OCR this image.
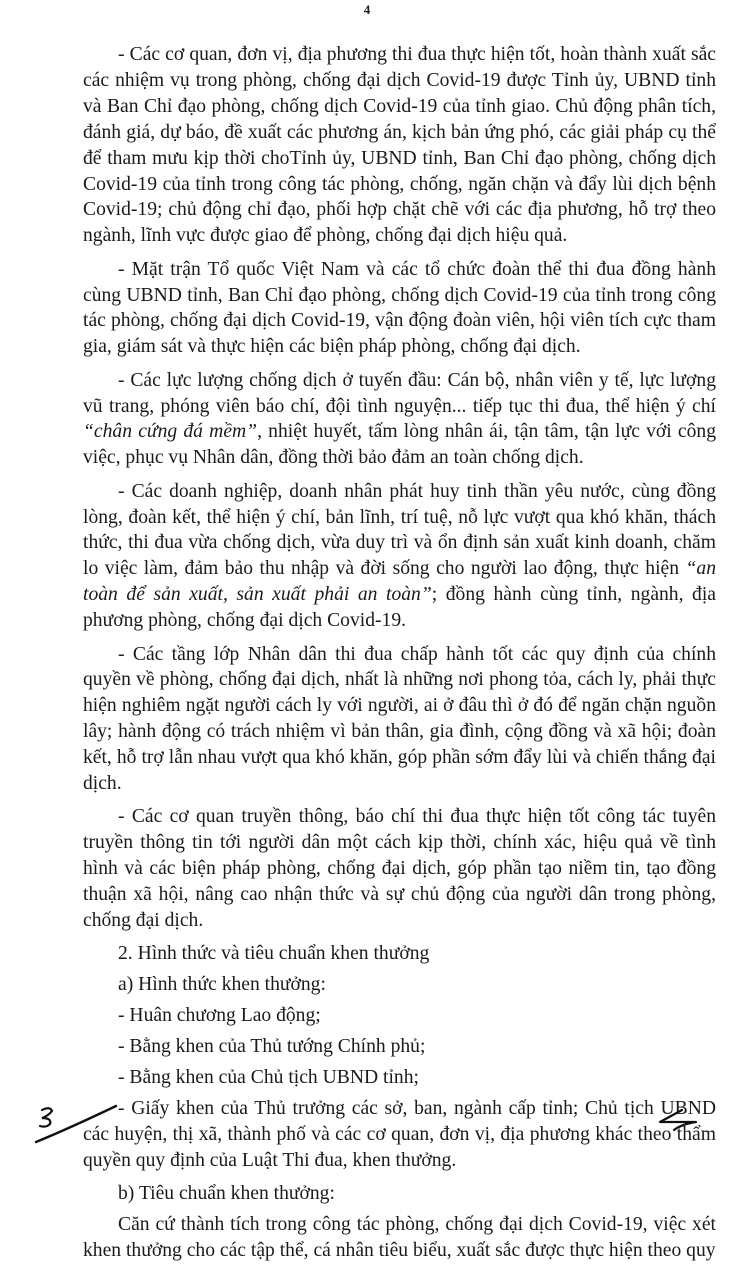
4

- Các cơ quan, đơn vị, địa phương thi đua thực hiện tốt, hoàn thành xuất sắc các nhiệm vụ trong phòng, chống đại dịch Covid-19 được Tỉnh ủy, UBND tỉnh và Ban Chỉ đạo phòng, chống dịch Covid-19 của tỉnh giao. Chủ động phân tích, đánh giá, dự báo, đề xuất các phương án, kịch bản ứng phó, các giải pháp cụ thể để tham mưu kịp thời choTỉnh ủy, UBND tỉnh, Ban Chỉ đạo phòng, chống dịch Covid-19 của tỉnh trong công tác phòng, chống, ngăn chặn và đẩy lùi dịch bệnh Covid-19; chủ động chỉ đạo, phối hợp chặt chẽ với các địa phương, hỗ trợ theo ngành, lĩnh vực được giao để phòng, chống đại dịch hiệu quả.

- Mặt trận Tổ quốc Việt Nam và các tổ chức đoàn thể thi đua đồng hành cùng UBND tỉnh, Ban Chỉ đạo phòng, chống dịch Covid-19 của tỉnh trong công tác phòng, chống đại dịch Covid-19, vận động đoàn viên, hội viên tích cực tham gia, giám sát và thực hiện các biện pháp phòng, chống đại dịch.

- Các lực lượng chống dịch ở tuyến đầu: Cán bộ, nhân viên y tế, lực lượng vũ trang, phóng viên báo chí, đội tình nguyện... tiếp tục thi đua, thể hiện ý chí “chân cứng đá mềm”, nhiệt huyết, tấm lòng nhân ái, tận tâm, tận lực với công việc, phục vụ Nhân dân, đồng thời bảo đảm an toàn chống dịch.

- Các doanh nghiệp, doanh nhân phát huy tinh thần yêu nước, cùng đồng lòng, đoàn kết, thể hiện ý chí, bản lĩnh, trí tuệ, nỗ lực vượt qua khó khăn, thách thức, thi đua vừa chống dịch, vừa duy trì và ổn định sản xuất kinh doanh, chăm lo việc làm, đảm bảo thu nhập và đời sống cho người lao động, thực hiện “an toàn để sản xuất, sản xuất phải an toàn”; đồng hành cùng tỉnh, ngành, địa phương phòng, chống đại dịch Covid-19.

- Các tầng lớp Nhân dân thi đua chấp hành tốt các quy định của chính quyền về phòng, chống đại dịch, nhất là những nơi phong tỏa, cách ly, phải thực hiện nghiêm ngặt người cách ly với người, ai ở đâu thì ở đó để ngăn chặn nguồn lây; hành động có trách nhiệm vì bản thân, gia đình, cộng đồng và xã hội; đoàn kết, hỗ trợ lẫn nhau vượt qua khó khăn, góp phần sớm đẩy lùi và chiến thắng đại dịch.

- Các cơ quan truyền thông, báo chí thi đua thực hiện tốt công tác tuyên truyền thông tin tới người dân một cách kịp thời, chính xác, hiệu quả về tình hình và các biện pháp phòng, chống đại dịch, góp phần tạo niềm tin, tạo đồng thuận xã hội, nâng cao nhận thức và sự chủ động của người dân trong phòng, chống đại dịch.

2. Hình thức và tiêu chuẩn khen thưởng

a) Hình thức khen thưởng:

- Huân chương Lao động;

- Bằng khen của Thủ tướng Chính phủ;

- Bằng khen của Chủ tịch UBND tỉnh;

- Giấy khen của Thủ trưởng các sở, ban, ngành cấp tỉnh; Chủ tịch UBND các huyện, thị xã, thành phố và các cơ quan, đơn vị, địa phương khác theo thẩm quyền quy định của Luật Thi đua, khen thưởng.

b) Tiêu chuẩn khen thưởng:

Căn cứ thành tích trong công tác phòng, chống đại dịch Covid-19, việc xét khen thưởng cho các tập thể, cá nhân tiêu biểu, xuất sắc được thực hiện theo quy
